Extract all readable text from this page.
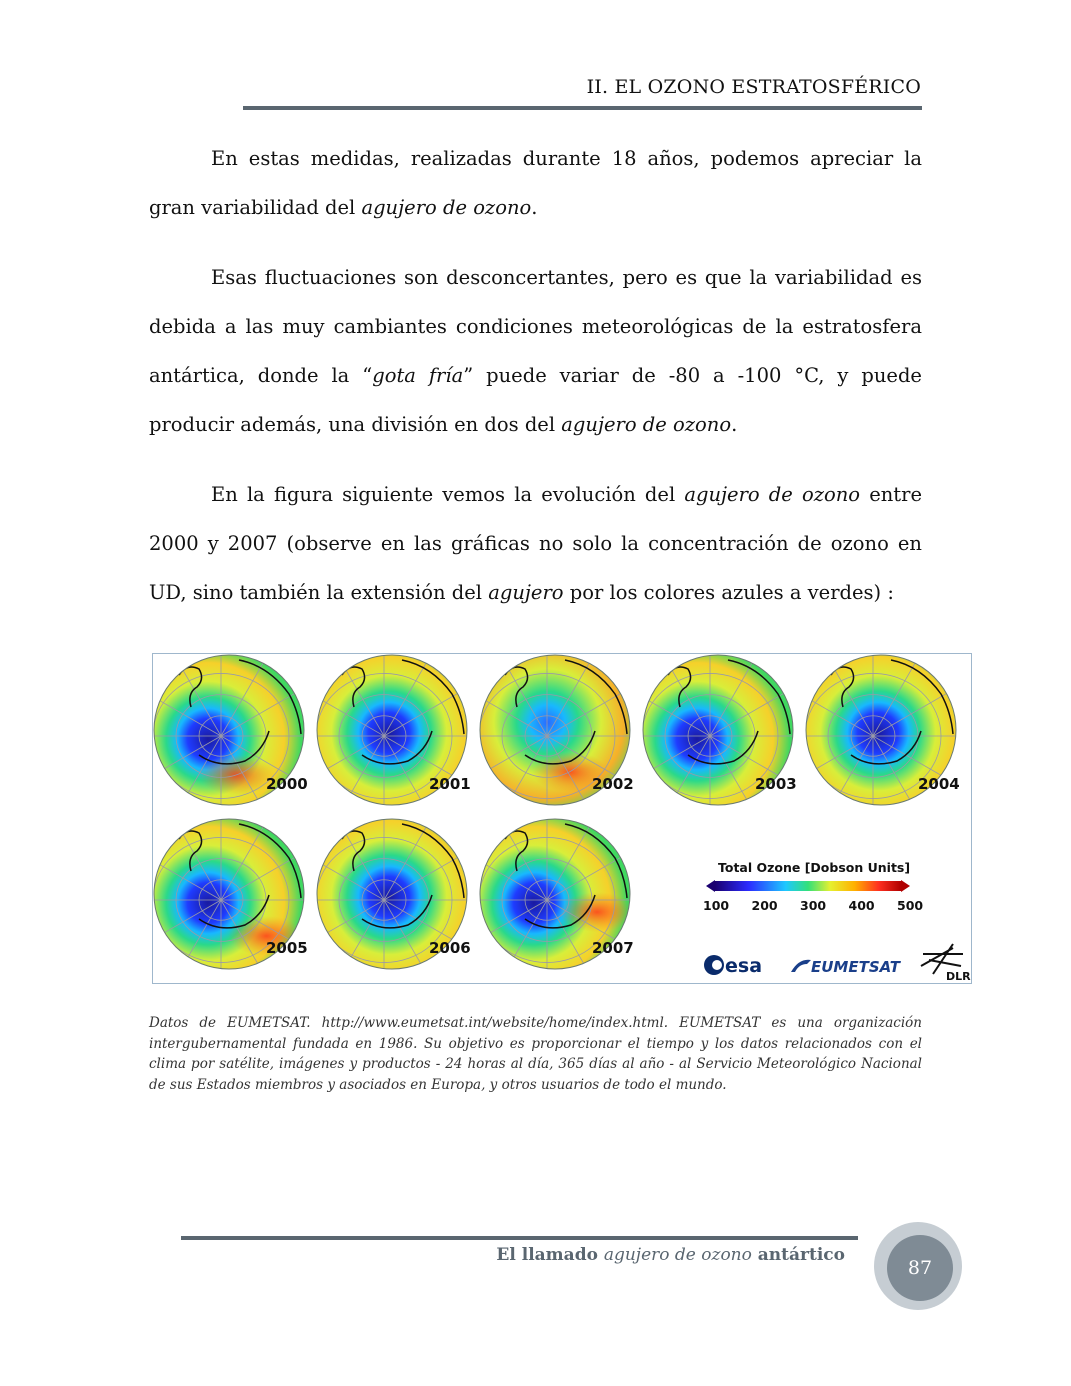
II. EL OZONO ESTRATOSFÉRICO

En estas medidas, realizadas durante 18 años, podemos apreciar la gran variabilidad del agujero de ozono.

Esas fluctuaciones son desconcertantes, pero es que la variabilidad es debida a las muy cambiantes condiciones meteorológicas de la estratosfera antártica, donde la “gota fría” puede variar de -80 a -100 °C, y puede producir además, una división en dos del agujero de ozono.

En la figura siguiente vemos la evolución del agujero de ozono entre 2000 y 2007 (observe en las gráficas no solo la concentración de ozono en UD, sino también la extensión del agujero por los colores azules a verdes) :

2000	2001	2002	2003	2004
2005	2006	2007
Total Ozone [Dobson Units]
100 200 300 400 500
esa	EUMETSAT
DLR
Datos de EUMETSAT. http://www.eumetsat.int/website/home/index.html. EUMETSAT es una organización intergubernamental fundada en 1986. Su objetivo es proporcionar el tiempo y los datos relacionados con el clima por satélite, imágenes y productos - 24 horas al día, 365 días al año - al Servicio Meteorológico Nacional de sus Estados miembros y asociados en Europa, y otros usuarios de todo el mundo.
El llamado agujero de ozono antártico
87
